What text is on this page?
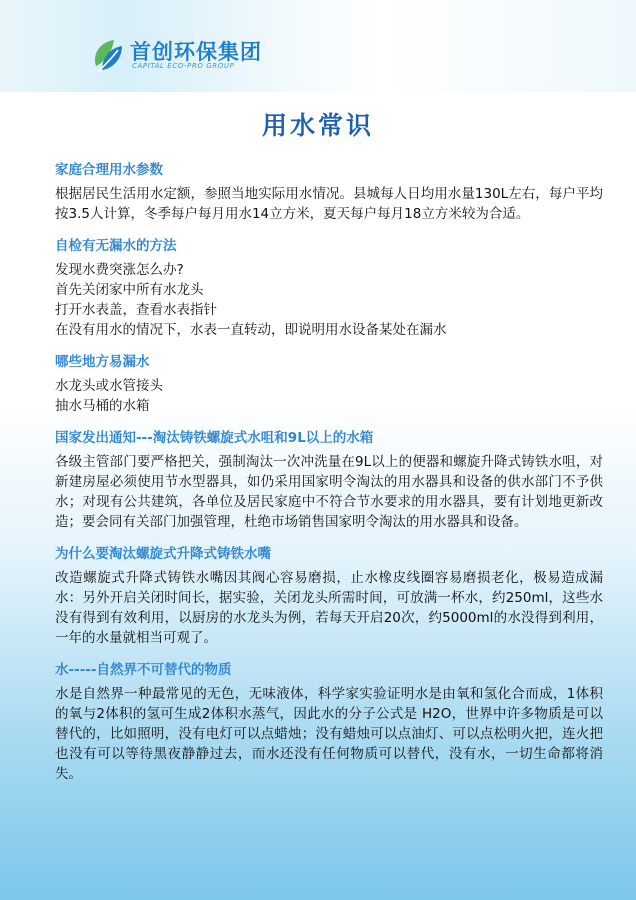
首创环保集团
CAPITAL ECO-PRO GROUP
用水常识
家庭合理用水参数
根据居民生活用水定额，参照当地实际用水情况。县城每人日均用水量130L左右，每户平均按3.5人计算，冬季每户每月用水14立方米，夏天每户每月18立方米较为合适。
自检有无漏水的方法
发现水费突涨怎么办?
首先关闭家中所有水龙头
打开水表盖，查看水表指针
在没有用水的情况下，水表一直转动，即说明用水设备某处在漏水
哪些地方易漏水
水龙头或水管接头
抽水马桶的水箱
国家发出通知---淘汰铸铁螺旋式水咀和9L以上的水箱
各级主管部门要严格把关，强制淘汰一次冲洗量在9L以上的便器和螺旋升降式铸铁水咀，对新建房屋必须使用节水型器具，如仍采用国家明令淘汰的用水器具和设备的供水部门不予供水；对现有公共建筑，各单位及居民家庭中不符合节水要求的用水器具，要有计划地更新改造；要会同有关部门加强管理，杜绝市场销售国家明令淘汰的用水器具和设备。
为什么要淘汰螺旋式升降式铸铁水嘴
改造螺旋式升降式铸铁水嘴因其阀心容易磨损，止水橡皮线圈容易磨损老化，极易造成漏水：另外开启关闭时间长，据实验，关闭龙头所需时间，可放满一杯水，约250ml，这些水没有得到有效利用，以厨房的水龙头为例，若每天开启20次，约5000ml的水没得到利用，一年的水量就相当可观了。
水-----自然界不可替代的物质
水是自然界一种最常见的无色，无味液体，科学家实验证明水是由氧和氢化合而成，1体积的氧与2体积的氢可生成2体积水蒸气，因此水的分子公式是 H2O，世界中许多物质是可以替代的，比如照明，没有电灯可以点蜡烛；没有蜡烛可以点油灯、可以点松明火把，连火把也没有可以等待黑夜静静过去，而水还没有任何物质可以替代，没有水，一切生命都将消失。
